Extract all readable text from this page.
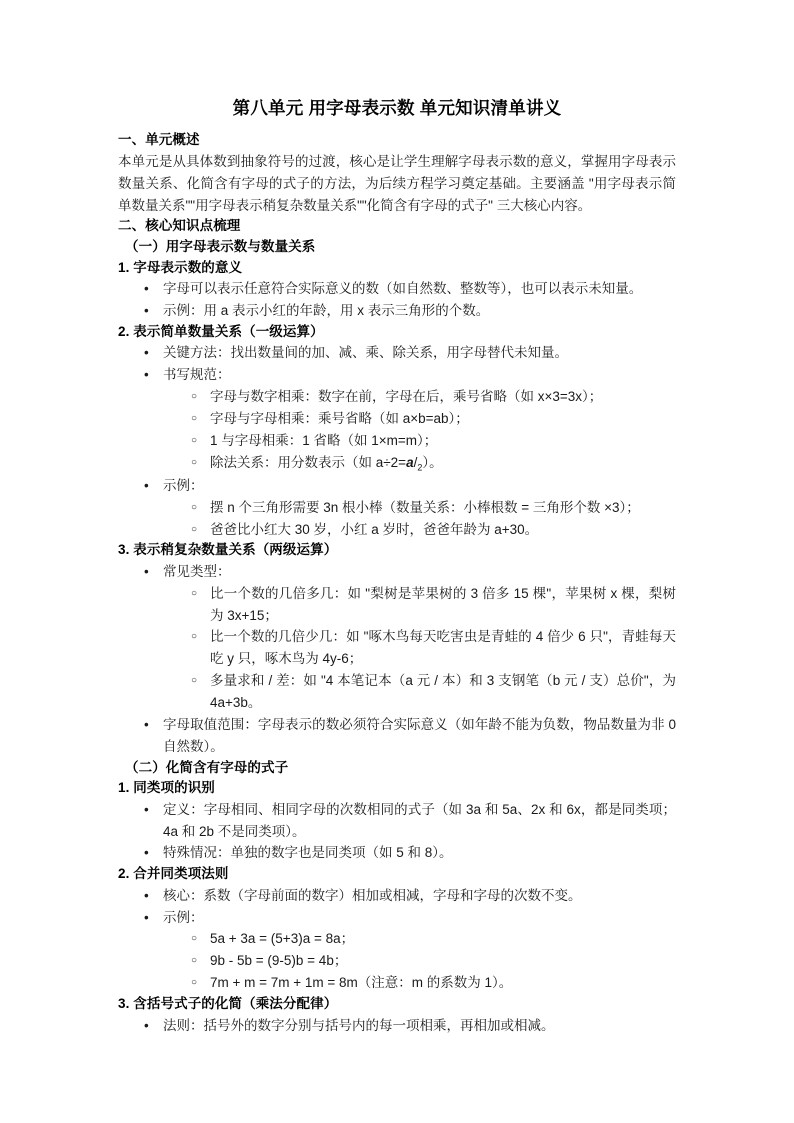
第八单元 用字母表示数 单元知识清单讲义
一、单元概述

本单元是从具体数到抽象符号的过渡，核心是让学生理解字母表示数的意义，掌握用字母表示数量关系、化简含有字母的式子的方法，为后续方程学习奠定基础。主要涵盖 "用字母表示简单数量关系""用字母表示稍复杂数量关系""化简含有字母的式子" 三大核心内容。

二、核心知识点梳理
（一）用字母表示数与数量关系
1. 字母表示数的意义
• 字母可以表示任意符合实际意义的数（如自然数、整数等），也可以表示未知量。
• 示例：用 a 表示小红的年龄，用 x 表示三角形的个数。
2. 表示简单数量关系（一级运算）
• 关键方法：找出数量间的加、减、乘、除关系，用字母替代未知量。
• 书写规范：
○ 字母与数字相乘：数字在前，字母在后，乘号省略（如 x×3=3x）；
○ 字母与字母相乘：乘号省略（如 a×b=ab）；
○ 1 与字母相乘：1 省略（如 1×m=m）；
○ 除法关系：用分数表示（如 $a\div 2=a/_2$）。
• 示例：
○ 摆 n 个三角形需要 3n 根小棒（数量关系：小棒根数 = 三角形个数 ×3）；
○ 爸爸比小红大 30 岁，小红 a 岁时，爸爸年龄为 a+30。
3. 表示稍复杂数量关系（两级运算）
• 常见类型：
○ 比一个数的几倍多几：如 "梨树是苹果树的 3 倍多 15 棵"，苹果树 x 棵，梨树为 3x+15；
○ 比一个数的几倍少几：如 "啄木鸟每天吃害虫是青蛙的 4 倍少 6 只"，青蛙每天吃 y 只，啄木鸟为 4y-6；
○ 多量求和 / 差：如 "4 本笔记本（a 元 / 本）和 3 支钢笔（b 元 / 支）总价"，为 4a+3b。
• 字母取值范围：字母表示的数必须符合实际意义（如年龄不能为负数，物品数量为非 0 自然数）。
（二）化简含有字母的式子
1. 同类项的识别
• 定义：字母相同、相同字母的次数相同的式子（如 3a 和 5a、2x 和 6x，都是同类项；4a 和 2b 不是同类项）。
• 特殊情况：单独的数字也是同类项（如 5 和 8）。
2. 合并同类项法则
• 核心：系数（字母前面的数字）相加或相减，字母和字母的次数不变。
• 示例：
○ 5a + 3a = (5+3)a = 8a；
○ 9b - 5b = (9-5)b = 4b；
○ 7m + m = 7m + 1m = 8m（注意：m 的系数为 1）。
3. 含括号式子的化简（乘法分配律）
• 法则：括号外的数字分别与括号内的每一项相乘，再相加或相减。
